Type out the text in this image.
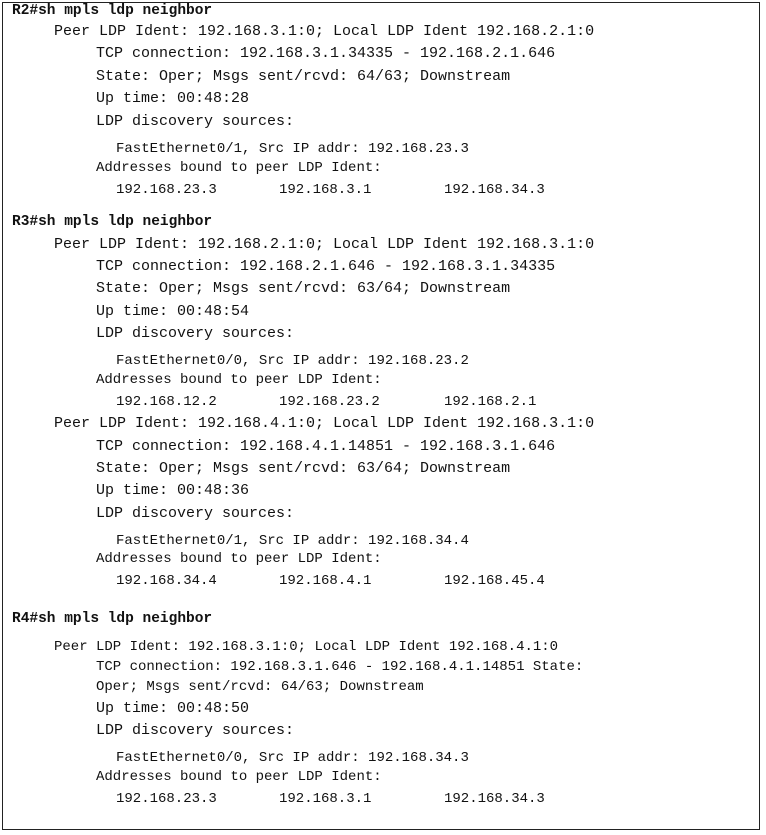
R2#sh mpls ldp neighbor
Peer LDP Ident: 192.168.3.1:0; Local LDP Ident 192.168.2.1:0
TCP connection: 192.168.3.1.34335 - 192.168.2.1.646
State: Oper; Msgs sent/rcvd: 64/63; Downstream
Up time: 00:48:28
LDP discovery sources:
FastEthernet0/1, Src IP addr: 192.168.23.3
Addresses bound to peer LDP Ident:
192.168.23.3	192.168.3.1	192.168.34.3
R3#sh mpls ldp neighbor
Peer LDP Ident: 192.168.2.1:0; Local LDP Ident 192.168.3.1:0
TCP connection: 192.168.2.1.646 - 192.168.3.1.34335
State: Oper; Msgs sent/rcvd: 63/64; Downstream
Up time: 00:48:54
LDP discovery sources:
FastEthernet0/0, Src IP addr: 192.168.23.2
Addresses bound to peer LDP Ident:
192.168.12.2	192.168.23.2	192.168.2.1
Peer LDP Ident: 192.168.4.1:0; Local LDP Ident 192.168.3.1:0
TCP connection: 192.168.4.1.14851 - 192.168.3.1.646
State: Oper; Msgs sent/rcvd: 63/64; Downstream
Up time: 00:48:36
LDP discovery sources:
FastEthernet0/1, Src IP addr: 192.168.34.4
Addresses bound to peer LDP Ident:
192.168.34.4	192.168.4.1	192.168.45.4
R4#sh mpls ldp neighbor
Peer LDP Ident: 192.168.3.1:0; Local LDP Ident 192.168.4.1:0
TCP connection: 192.168.3.1.646 - 192.168.4.1.14851 State:
Oper; Msgs sent/rcvd: 64/63; Downstream
Up time: 00:48:50
LDP discovery sources:
FastEthernet0/0, Src IP addr: 192.168.34.3
Addresses bound to peer LDP Ident:
192.168.23.3	192.168.3.1	192.168.34.3
